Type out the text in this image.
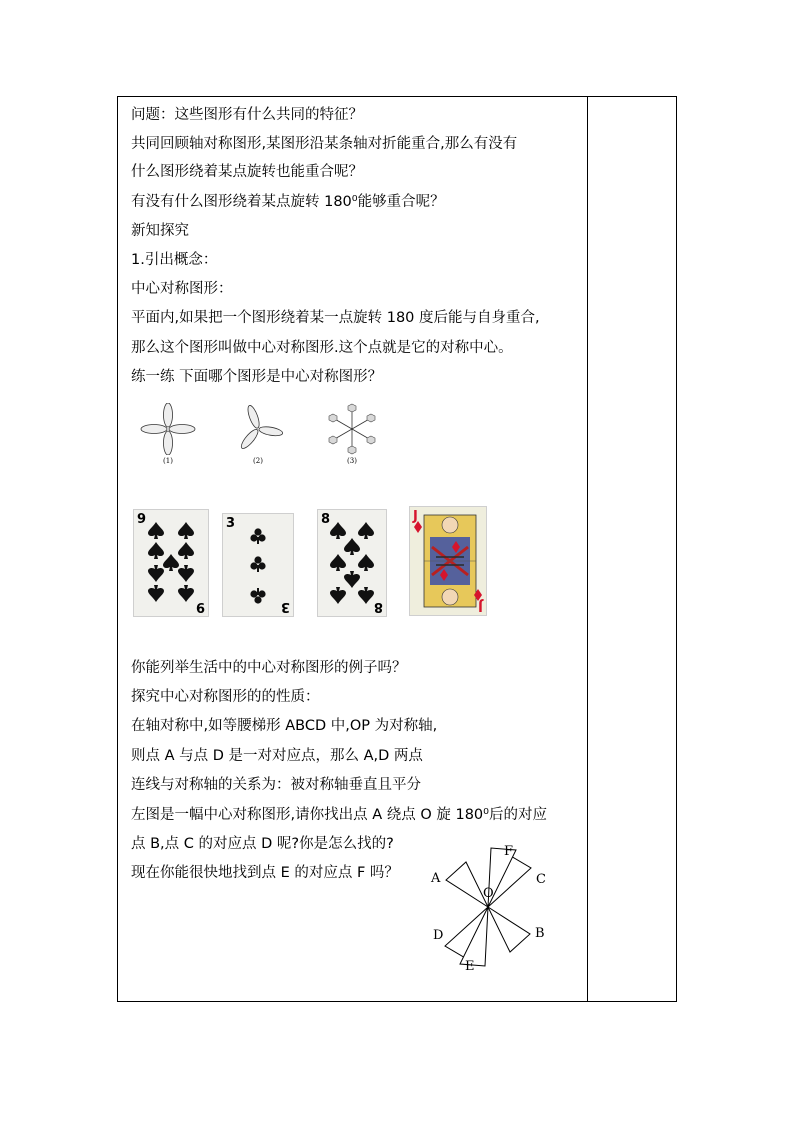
问题：这些图形有什么共同的特征？
共同回顾轴对称图形,某图形沿某条轴对折能重合,那么有没有
什么图形绕着某点旋转也能重合呢？
有没有什么图形绕着某点旋转 180⁰能够重合呢？
新知探究
1.引出概念：
中心对称图形：
平面内,如果把一个图形绕着某一点旋转 180 度后能与自身重合,
那么这个图形叫做中心对称图形.这个点就是它的对称中心。
练一练 下面哪个图形是中心对称图形？
(1)	(2)	(3)
9
9
3
3
8
8
J
J
你能列举生活中的中心对称图形的例子吗？
探究中心对称图形的的性质：
在轴对称中,如等腰梯形 ABCD 中,OP 为对称轴,
则点 A 与点 D 是一对对应点，那么 A,D 两点
连线与对称轴的关系为：被对称轴垂直且平分
左图是一幅中心对称图形,请你找出点 A 绕点 O 旋 180⁰后的对应
点 B,点 C 的对应点 D 呢?你是怎么找的?
现在你能很快地找到点 E 的对应点 F 吗？ A
B
C
D
E
F
O
